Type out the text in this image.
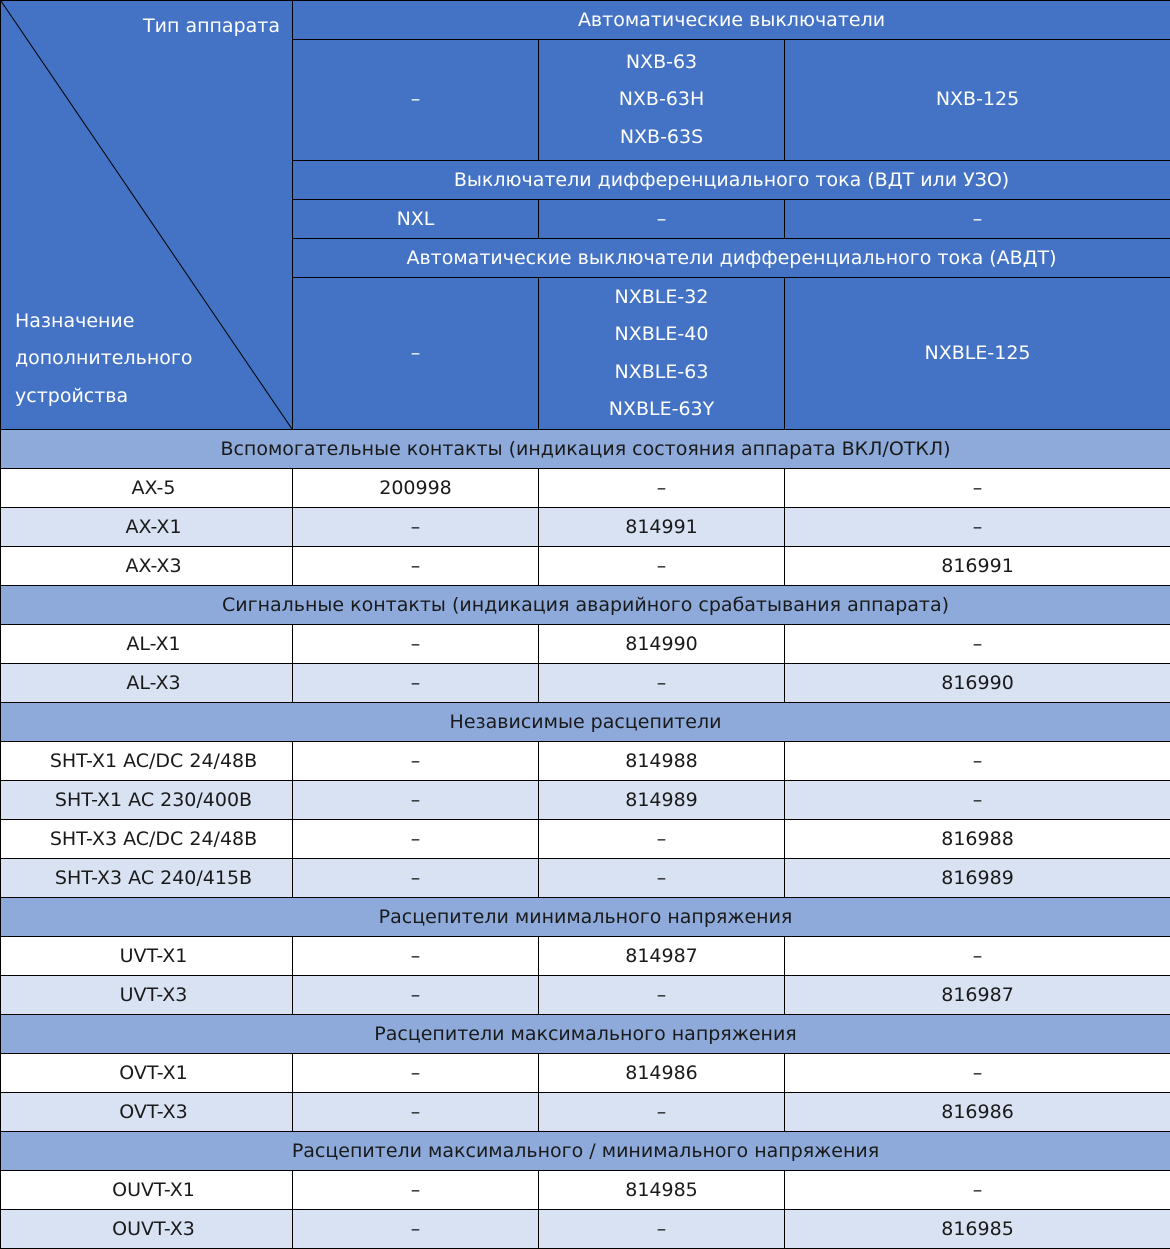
Тип аппарата
Назначение
дополнительного
устройства	Автоматические выключатели		

	–	NXB-63
NXB-63H
NXB-63S	NXB-125

	Выключатели дифференциального тока (ВДТ или УЗО)		
	NXL	–	–
	Автоматические выключатели дифференциального тока (АВДТ)		

	–	NXBLE-32
NXBLE-40
NXBLE-63
NXBLE-63Y	NXBLE-125

Вспомогательные контакты (индикация состояния аппарата ВКЛ/ОТКЛ)			
AX-5	200998	–	–
AX-X1	–	814991	–
AX-X3	–	–	816991
Сигнальные контакты (индикация аварийного срабатывания аппарата)			
AL-X1	–	814990	–
AL-X3	–	–	816990
Независимые расцепители			
SHT-X1 AC/DC 24/48В	–	814988	–
SHT-X1 AC 230/400В	–	814989	–
SHT-X3 AC/DC 24/48В	–	–	816988
SHT-X3 AC 240/415В	–	–	816989
Расцепители минимального напряжения			
UVT-X1	–	814987	–
UVT-X3	–	–	816987
Расцепители максимального напряжения			
OVT-X1	–	814986	–
OVT-X3	–	–	816986
Расцепители максимального / минимального напряжения			
OUVT-X1	–	814985	–
OUVT-X3	–	–	816985
